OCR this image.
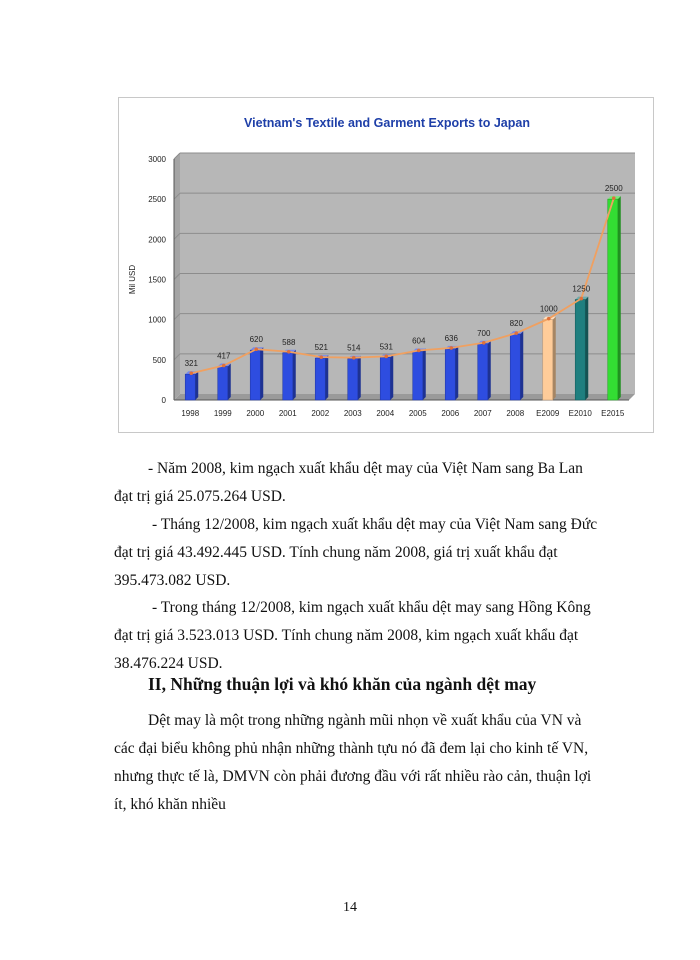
Vietnam's Textile and Garment Exports to Japan
0
500
1000
1500
2000
2500
3000
Mil USD
1998 1999 2000 2001 2002 2003 2004 2005 2006 2007 2008 E2009 E2010 E2015
321
417
620 588
521 514 531
604 636
700
820
1000
1250
2500
- Năm 2008, kim ngạch xuất khẩu dệt may của Việt Nam sang Ba Lan
đạt trị giá 25.075.264 USD.
- Tháng 12/2008, kim ngạch xuất khẩu dệt may của Việt Nam sang Đức
đạt trị giá 43.492.445 USD. Tính chung năm 2008, giá trị xuất khẩu đạt
395.473.082 USD.
- Trong tháng 12/2008, kim ngạch xuất khẩu dệt may sang Hồng Kông
đạt trị giá 3.523.013 USD. Tính chung năm 2008, kim ngạch xuất khẩu đạt
38.476.224 USD.

II, Những thuận lợi và khó khăn của ngành dệt may

Dệt may là một trong những ngành mũi nhọn về xuất khẩu của VN và
các đại biểu không phủ nhận những thành tựu nó đã đem lại cho kinh tế VN,
nhưng thực tế là, DMVN còn phải đương đầu với rất nhiều rào cản, thuận lợi
ít, khó khăn nhiều
14
